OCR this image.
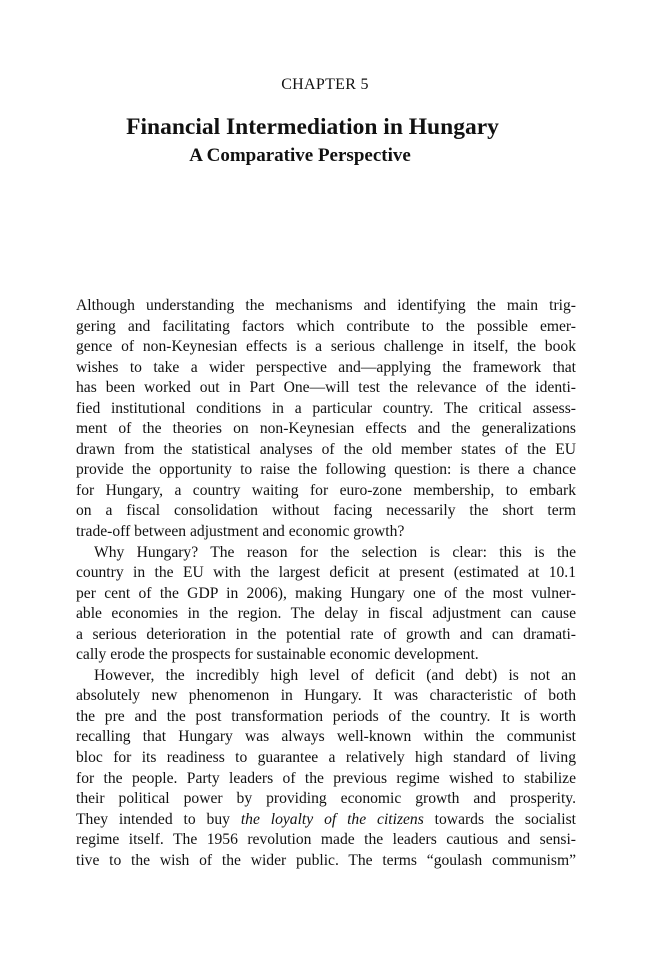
CHAPTER 5
Financial Intermediation in Hungary
A Comparative Perspective
Although understanding the mechanisms and identifying the main trig-
gering and facilitating factors which contribute to the possible emer-
gence of non-Keynesian effects is a serious challenge in itself, the book
wishes to take a wider perspective and—applying the framework that
has been worked out in Part One—will test the relevance of the identi-
fied institutional conditions in a particular country. The critical assess-
ment of the theories on non-Keynesian effects and the generalizations
drawn from the statistical analyses of the old member states of the EU
provide the opportunity to raise the following question: is there a chance
for Hungary, a country waiting for euro-zone membership, to embark
on a fiscal consolidation without facing necessarily the short term
trade-off between adjustment and economic growth?
Why Hungary? The reason for the selection is clear: this is the
country in the EU with the largest deficit at present (estimated at 10.1
per cent of the GDP in 2006), making Hungary one of the most vulner-
able economies in the region. The delay in fiscal adjustment can cause
a serious deterioration in the potential rate of growth and can dramati-
cally erode the prospects for sustainable economic development.
However, the incredibly high level of deficit (and debt) is not an
absolutely new phenomenon in Hungary. It was characteristic of both
the pre and the post transformation periods of the country. It is worth
recalling that Hungary was always well-known within the communist
bloc for its readiness to guarantee a relatively high standard of living
for the people. Party leaders of the previous regime wished to stabilize
their political power by providing economic growth and prosperity.
They intended to buy the loyalty of the citizens towards the socialist
regime itself. The 1956 revolution made the leaders cautious and sensi-
tive to the wish of the wider public. The terms “goulash communism”
